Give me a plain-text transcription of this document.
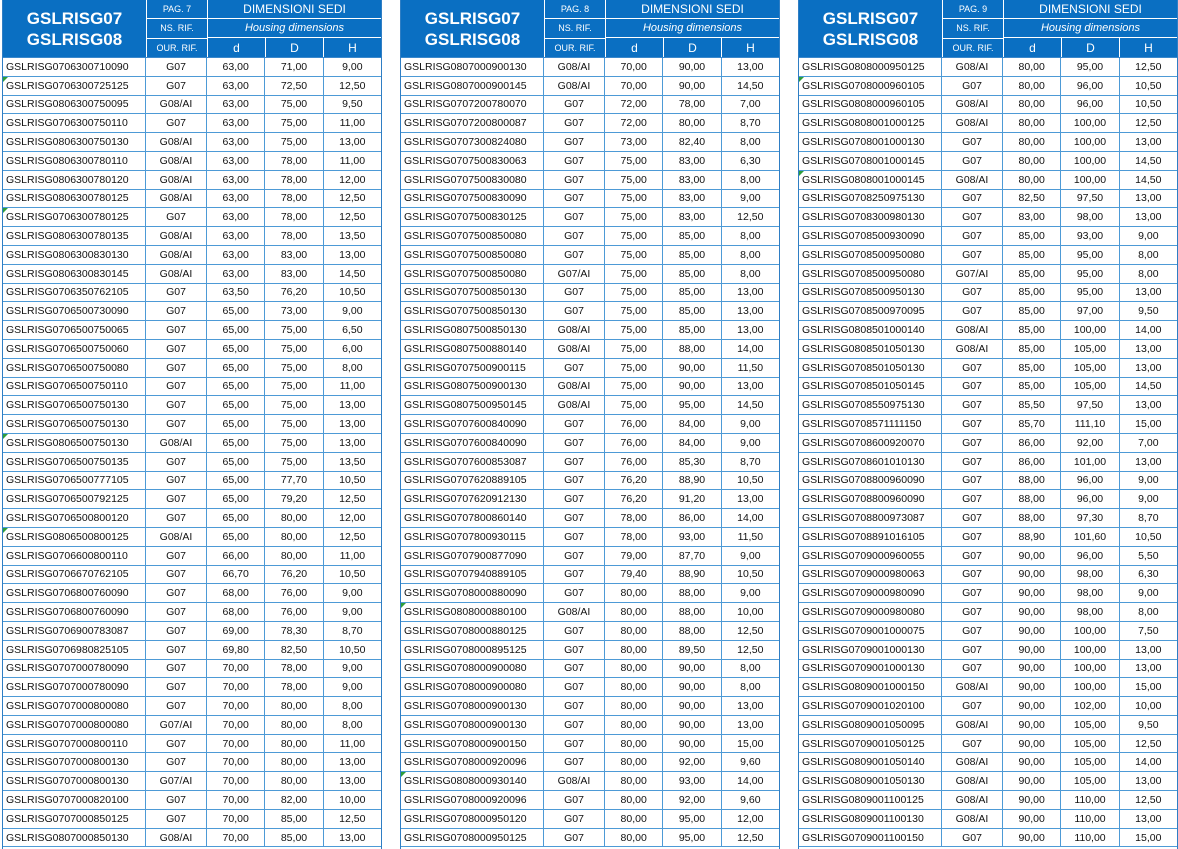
GSLRISG07
GSLRISG08
PAG. 7
NS. RIF.
OUR. RIF.
DIMENSIONI SEDI
Housing dimensions
d	D	H
GSLRISG0706300710090	G07	63,00	71,00	9,00
GSLRISG0706300725125	G07	63,00	72,50	12,50
GSLRISG0806300750095	G08/AI	63,00	75,00	9,50
GSLRISG0706300750110	G07	63,00	75,00	11,00
GSLRISG0806300750130	G08/AI	63,00	75,00	13,00
GSLRISG0806300780110	G08/AI	63,00	78,00	11,00
GSLRISG0806300780120	G08/AI	63,00	78,00	12,00
GSLRISG0806300780125	G08/AI	63,00	78,00	12,50
GSLRISG0706300780125	G07	63,00	78,00	12,50
GSLRISG0806300780135	G08/AI	63,00	78,00	13,50
GSLRISG0806300830130	G08/AI	63,00	83,00	13,00
GSLRISG0806300830145	G08/AI	63,00	83,00	14,50
GSLRISG0706350762105	G07	63,50	76,20	10,50
GSLRISG0706500730090	G07	65,00	73,00	9,00
GSLRISG0706500750065	G07	65,00	75,00	6,50
GSLRISG0706500750060	G07	65,00	75,00	6,00
GSLRISG0706500750080	G07	65,00	75,00	8,00
GSLRISG0706500750110	G07	65,00	75,00	11,00
GSLRISG0706500750130	G07	65,00	75,00	13,00
GSLRISG0706500750130	G07	65,00	75,00	13,00
GSLRISG0806500750130	G08/AI	65,00	75,00	13,00
GSLRISG0706500750135	G07	65,00	75,00	13,50
GSLRISG0706500777105	G07	65,00	77,70	10,50
GSLRISG0706500792125	G07	65,00	79,20	12,50
GSLRISG0706500800120	G07	65,00	80,00	12,00
GSLRISG0806500800125	G08/AI	65,00	80,00	12,50
GSLRISG0706600800110	G07	66,00	80,00	11,00
GSLRISG0706670762105	G07	66,70	76,20	10,50
GSLRISG0706800760090	G07	68,00	76,00	9,00
GSLRISG0706800760090	G07	68,00	76,00	9,00
GSLRISG0706900783087	G07	69,00	78,30	8,70
GSLRISG0706980825105	G07	69,80	82,50	10,50
GSLRISG0707000780090	G07	70,00	78,00	9,00
GSLRISG0707000780090	G07	70,00	78,00	9,00
GSLRISG0707000800080	G07	70,00	80,00	8,00
GSLRISG0707000800080	G07/AI	70,00	80,00	8,00
GSLRISG0707000800110	G07	70,00	80,00	11,00
GSLRISG0707000800130	G07	70,00	80,00	13,00
GSLRISG0707000800130	G07/AI	70,00	80,00	13,00
GSLRISG0707000820100	G07	70,00	82,00	10,00
GSLRISG0707000850125	G07	70,00	85,00	12,50
GSLRISG0807000850130	G08/AI	70,00	85,00	13,00
GSLRISG07
GSLRISG08
PAG. 8
NS. RIF.
OUR. RIF.
DIMENSIONI SEDI
Housing dimensions
d	D	H
GSLRISG0807000900130	G08/AI	70,00	90,00	13,00
GSLRISG0807000900145	G08/AI	70,00	90,00	14,50
GSLRISG0707200780070	G07	72,00	78,00	7,00
GSLRISG0707200800087	G07	72,00	80,00	8,70
GSLRISG0707300824080	G07	73,00	82,40	8,00
GSLRISG0707500830063	G07	75,00	83,00	6,30
GSLRISG0707500830080	G07	75,00	83,00	8,00
GSLRISG0707500830090	G07	75,00	83,00	9,00
GSLRISG0707500830125	G07	75,00	83,00	12,50
GSLRISG0707500850080	G07	75,00	85,00	8,00
GSLRISG0707500850080	G07	75,00	85,00	8,00
GSLRISG0707500850080	G07/AI	75,00	85,00	8,00
GSLRISG0707500850130	G07	75,00	85,00	13,00
GSLRISG0707500850130	G07	75,00	85,00	13,00
GSLRISG0807500850130	G08/AI	75,00	85,00	13,00
GSLRISG0807500880140	G08/AI	75,00	88,00	14,00
GSLRISG0707500900115	G07	75,00	90,00	11,50
GSLRISG0807500900130	G08/AI	75,00	90,00	13,00
GSLRISG0807500950145	G08/AI	75,00	95,00	14,50
GSLRISG0707600840090	G07	76,00	84,00	9,00
GSLRISG0707600840090	G07	76,00	84,00	9,00
GSLRISG0707600853087	G07	76,00	85,30	8,70
GSLRISG0707620889105	G07	76,20	88,90	10,50
GSLRISG0707620912130	G07	76,20	91,20	13,00
GSLRISG0707800860140	G07	78,00	86,00	14,00
GSLRISG0707800930115	G07	78,00	93,00	11,50
GSLRISG0707900877090	G07	79,00	87,70	9,00
GSLRISG0707940889105	G07	79,40	88,90	10,50
GSLRISG0708000880090	G07	80,00	88,00	9,00
GSLRISG0808000880100	G08/AI	80,00	88,00	10,00
GSLRISG0708000880125	G07	80,00	88,00	12,50
GSLRISG0708000895125	G07	80,00	89,50	12,50
GSLRISG0708000900080	G07	80,00	90,00	8,00
GSLRISG0708000900080	G07	80,00	90,00	8,00
GSLRISG0708000900130	G07	80,00	90,00	13,00
GSLRISG0708000900130	G07	80,00	90,00	13,00
GSLRISG0708000900150	G07	80,00	90,00	15,00
GSLRISG0708000920096	G07	80,00	92,00	9,60
GSLRISG0808000930140	G08/AI	80,00	93,00	14,00
GSLRISG0708000920096	G07	80,00	92,00	9,60
GSLRISG0708000950120	G07	80,00	95,00	12,00
GSLRISG0708000950125	G07	80,00	95,00	12,50
GSLRISG07
GSLRISG08
PAG. 9
NS. RIF.
OUR. RIF.
DIMENSIONI SEDI
Housing dimensions
d	D	H
GSLRISG0808000950125	G08/AI	80,00	95,00	12,50
GSLRISG0708000960105	G07	80,00	96,00	10,50
GSLRISG0808000960105	G08/AI	80,00	96,00	10,50
GSLRISG0808001000125	G08/AI	80,00	100,00	12,50
GSLRISG0708001000130	G07	80,00	100,00	13,00
GSLRISG0708001000145	G07	80,00	100,00	14,50
GSLRISG0808001000145	G08/AI	80,00	100,00	14,50
GSLRISG0708250975130	G07	82,50	97,50	13,00
GSLRISG0708300980130	G07	83,00	98,00	13,00
GSLRISG0708500930090	G07	85,00	93,00	9,00
GSLRISG0708500950080	G07	85,00	95,00	8,00
GSLRISG0708500950080	G07/AI	85,00	95,00	8,00
GSLRISG0708500950130	G07	85,00	95,00	13,00
GSLRISG0708500970095	G07	85,00	97,00	9,50
GSLRISG0808501000140	G08/AI	85,00	100,00	14,00
GSLRISG0808501050130	G08/AI	85,00	105,00	13,00
GSLRISG0708501050130	G07	85,00	105,00	13,00
GSLRISG0708501050145	G07	85,00	105,00	14,50
GSLRISG0708550975130	G07	85,50	97,50	13,00
GSLRISG0708571111150	G07	85,70	111,10	15,00
GSLRISG0708600920070	G07	86,00	92,00	7,00
GSLRISG0708601010130	G07	86,00	101,00	13,00
GSLRISG0708800960090	G07	88,00	96,00	9,00
GSLRISG0708800960090	G07	88,00	96,00	9,00
GSLRISG0708800973087	G07	88,00	97,30	8,70
GSLRISG0708891016105	G07	88,90	101,60	10,50
GSLRISG0709000960055	G07	90,00	96,00	5,50
GSLRISG0709000980063	G07	90,00	98,00	6,30
GSLRISG0709000980090	G07	90,00	98,00	9,00
GSLRISG0709000980080	G07	90,00	98,00	8,00
GSLRISG0709001000075	G07	90,00	100,00	7,50
GSLRISG0709001000130	G07	90,00	100,00	13,00
GSLRISG0709001000130	G07	90,00	100,00	13,00
GSLRISG0809001000150	G08/AI	90,00	100,00	15,00
GSLRISG0709001020100	G07	90,00	102,00	10,00
GSLRISG0809001050095	G08/AI	90,00	105,00	9,50
GSLRISG0709001050125	G07	90,00	105,00	12,50
GSLRISG0809001050140	G08/AI	90,00	105,00	14,00
GSLRISG0809001050130	G08/AI	90,00	105,00	13,00
GSLRISG0809001100125	G08/AI	90,00	110,00	12,50
GSLRISG0809001100130	G08/AI	90,00	110,00	13,00
GSLRISG0709001100150	G07	90,00	110,00	15,00
